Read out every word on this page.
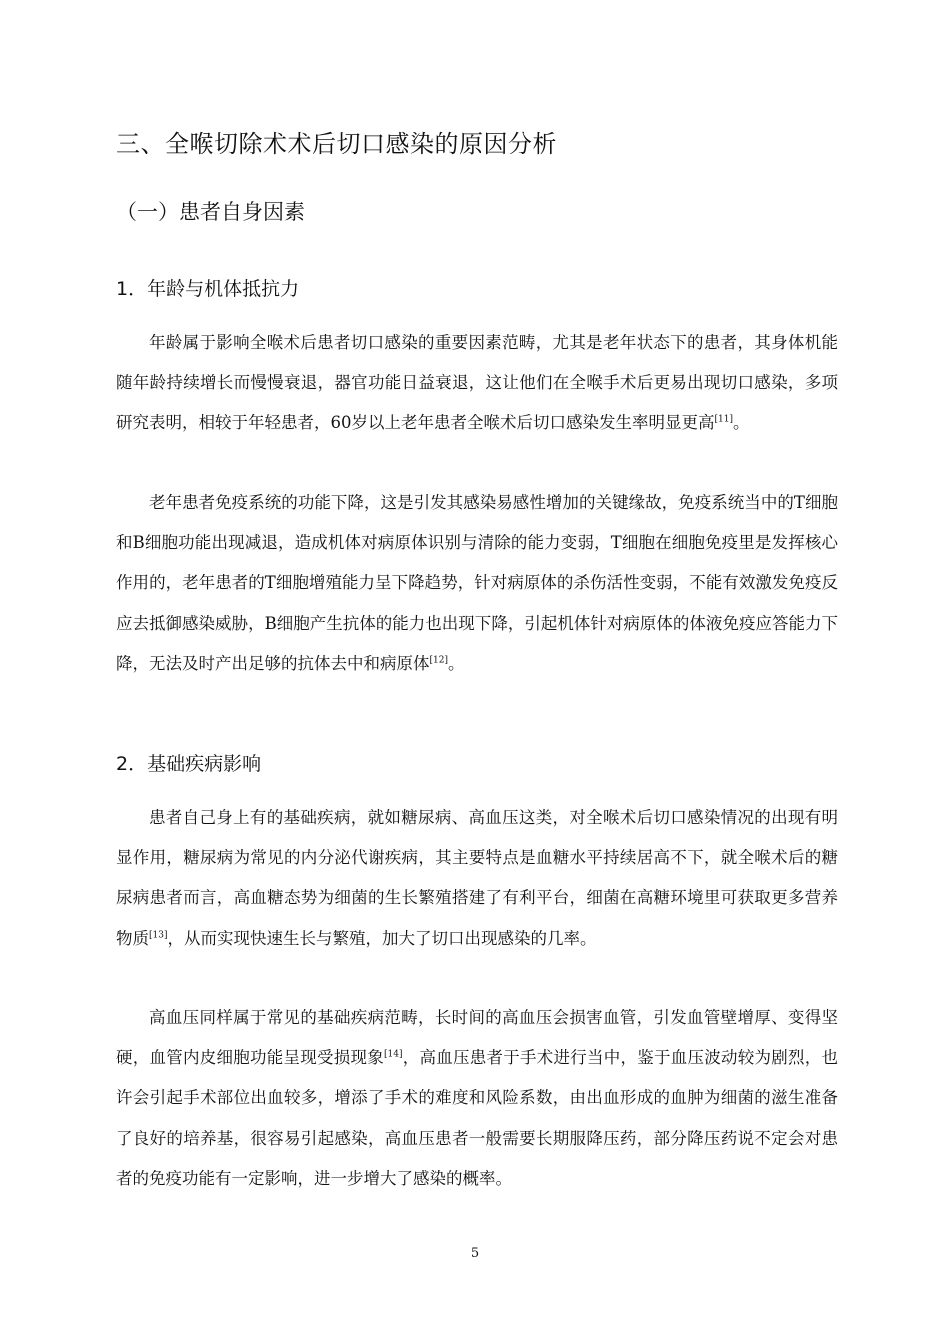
三、全喉切除术术后切口感染的原因分析
（一）患者自身因素
1．年龄与机体抵抗力

年龄属于影响全喉术后患者切口感染的重要因素范畴，尤其是老年状态下的患者，其身体机能随年龄持续增长而慢慢衰退，器官功能日益衰退，这让他们在全喉手术后更易出现切口感染，多项研究表明，相较于年轻患者，60岁以上老年患者全喉术后切口感染发生率明显更高[11]。

老年患者免疫系统的功能下降，这是引发其感染易感性增加的关键缘故，免疫系统当中的T细胞和B细胞功能出现减退，造成机体对病原体识别与清除的能力变弱，T细胞在细胞免疫里是发挥核心作用的，老年患者的T细胞增殖能力呈下降趋势，针对病原体的杀伤活性变弱，不能有效激发免疫反应去抵御感染威胁，B细胞产生抗体的能力也出现下降，引起机体针对病原体的体液免疫应答能力下降，无法及时产出足够的抗体去中和病原体[12]。

2．基础疾病影响

患者自己身上有的基础疾病，就如糖尿病、高血压这类，对全喉术后切口感染情况的出现有明显作用，糖尿病为常见的内分泌代谢疾病，其主要特点是血糖水平持续居高不下，就全喉术后的糖尿病患者而言，高血糖态势为细菌的生长繁殖搭建了有利平台，细菌在高糖环境里可获取更多营养物质[13]，从而实现快速生长与繁殖，加大了切口出现感染的几率。

高血压同样属于常见的基础疾病范畴，长时间的高血压会损害血管，引发血管壁增厚、变得坚硬，血管内皮细胞功能呈现受损现象[14]，高血压患者于手术进行当中，鉴于血压波动较为剧烈，也许会引起手术部位出血较多，增添了手术的难度和风险系数，由出血形成的血肿为细菌的滋生准备了良好的培养基，很容易引起感染，高血压患者一般需要长期服降压药，部分降压药说不定会对患者的免疫功能有一定影响，进一步增大了感染的概率。

5
